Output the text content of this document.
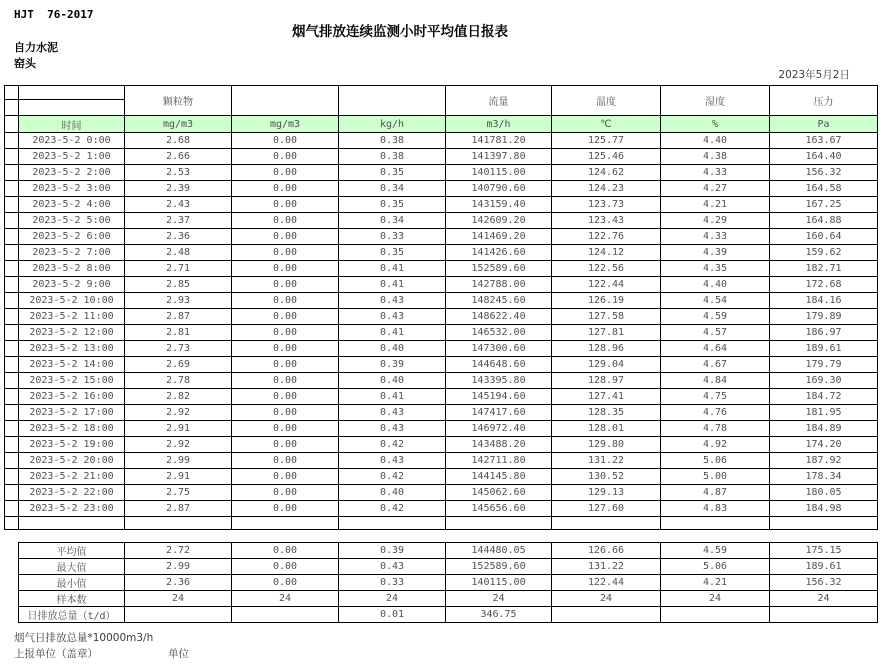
HJT  76-2017
烟气排放连续监测小时平均值日报表
自力水泥
窑头
2023年5月2日
		颗粒物			流量	温度	湿度	压力

	时间	mg/m3	mg/m3	kg/h	m3/h	℃	%	Pa
	2023-5-2 0:00	2.68	0.00	0.38	141781.20	125.77	4.40	163.67
	2023-5-2 1:00	2.66	0.00	0.38	141397.80	125.46	4.38	164.40
	2023-5-2 2:00	2.53	0.00	0.35	140115.00	124.62	4.33	156.32
	2023-5-2 3:00	2.39	0.00	0.34	140790.60	124.23	4.27	164.58
	2023-5-2 4:00	2.43	0.00	0.35	143159.40	123.73	4.21	167.25
	2023-5-2 5:00	2.37	0.00	0.34	142609.20	123.43	4.29	164.88
	2023-5-2 6:00	2.36	0.00	0.33	141469.20	122.76	4.33	160.64
	2023-5-2 7:00	2.48	0.00	0.35	141426.60	124.12	4.39	159.62
	2023-5-2 8:00	2.71	0.00	0.41	152589.60	122.56	4.35	182.71
	2023-5-2 9:00	2.85	0.00	0.41	142788.00	122.44	4.40	172.68
	2023-5-2 10:00	2.93	0.00	0.43	148245.60	126.19	4.54	184.16
	2023-5-2 11:00	2.87	0.00	0.43	148622.40	127.58	4.59	179.89
	2023-5-2 12:00	2.81	0.00	0.41	146532.00	127.81	4.57	186.97
	2023-5-2 13:00	2.73	0.00	0.40	147300.60	128.96	4.64	189.61
	2023-5-2 14:00	2.69	0.00	0.39	144648.60	129.04	4.67	179.79
	2023-5-2 15:00	2.78	0.00	0.40	143395.80	128.97	4.84	169.30
	2023-5-2 16:00	2.82	0.00	0.41	145194.60	127.41	4.75	184.72
	2023-5-2 17:00	2.92	0.00	0.43	147417.60	128.35	4.76	181.95
	2023-5-2 18:00	2.91	0.00	0.43	146972.40	128.01	4.78	184.89
	2023-5-2 19:00	2.92	0.00	0.42	143488.20	129.80	4.92	174.20
	2023-5-2 20:00	2.99	0.00	0.43	142711.80	131.22	5.06	187.92
	2023-5-2 21:00	2.91	0.00	0.42	144145.80	130.52	5.00	178.34
	2023-5-2 22:00	2.75	0.00	0.40	145062.60	129.13	4.87	180.05
	2023-5-2 23:00	2.87	0.00	0.42	145656.60	127.60	4.83	184.98

平均值	2.72	0.00	0.39	144480.05	126.66	4.59	175.15
最大值	2.99	0.00	0.43	152589.60	131.22	5.06	189.61
最小值	2.36	0.00	0.33	140115.00	122.44	4.21	156.32
样本数	24	24	24	24	24	24	24
日排放总量（t/d）			0.01	346.75			
烟气日排放总量*10000m3/h
上报单位（盖章）	单位
